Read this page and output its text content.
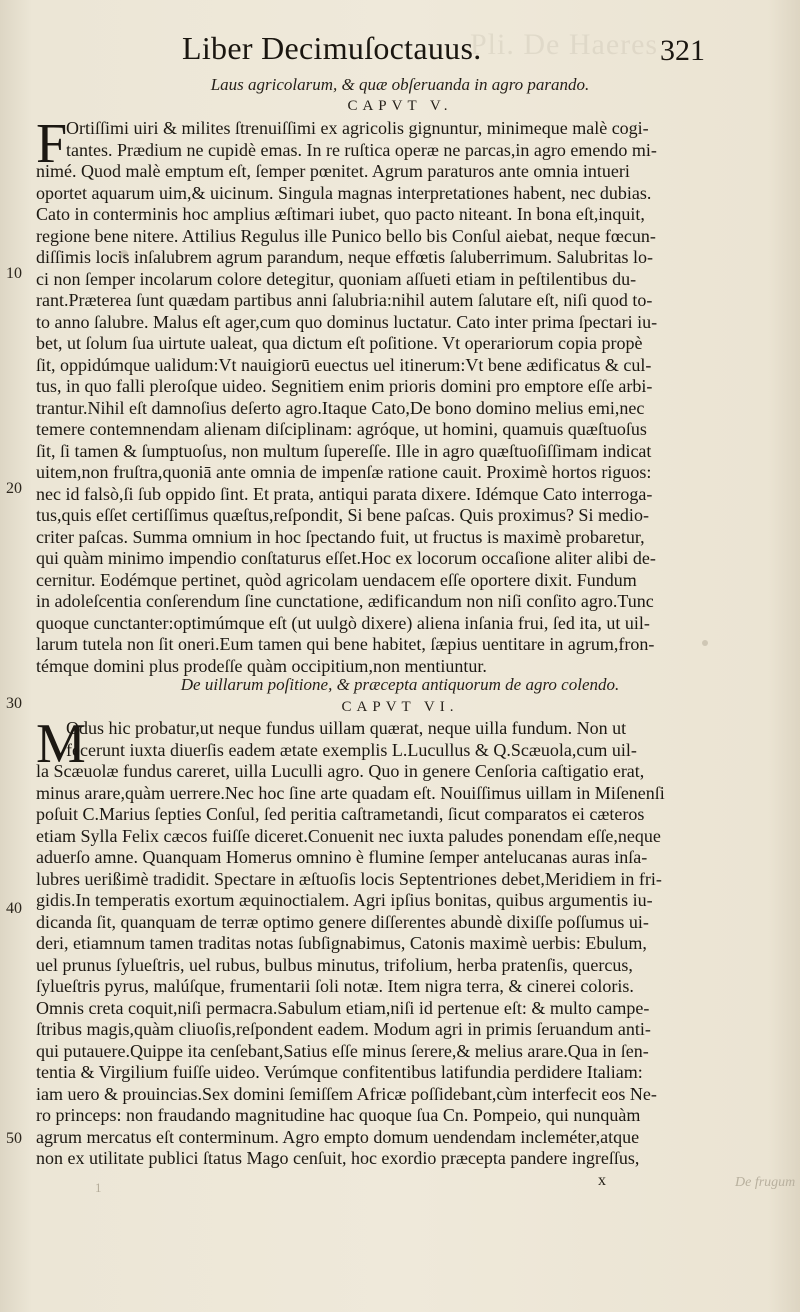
Pli. De Haeres
Liber Decimuſoctauus.	321
Laus agricolarum, & quæ obſeruanda in agro parando.
CAPVT V.
F
Ortiſſimi uiri & milites ſtrenuiſſimi ex agricolis gignuntur, minimeque malè cogi-
tantes. Prædium ne cupidè emas. In re ruſtica operæ ne parcas,in agro emendo mi-
nimé. Quod malè emptum eſt, ſemper pœnitet. Agrum paraturos ante omnia intueri
oportet aquarum uim,& uicinum. Singula magnas interpretationes habent, nec dubias.
Cato in conterminis hoc amplius æſtimari iubet, quo pacto niteant. In bona eſt,inquit,
regione bene nitere. Attilius Regulus ille Punico bello bis Conſul aiebat, neque fœcun-
diſſimis locis inſalubrem agrum parandum, neque effœtis ſaluberrimum. Salubritas lo-
ci non ſemper incolarum colore detegitur, quoniam aſſueti etiam in peſtilentibus du-
rant.Præterea ſunt quædam partibus anni ſalubria:nihil autem ſalutare eſt, niſi quod to-
to anno ſalubre. Malus eſt ager,cum quo dominus luctatur. Cato inter prima ſpectari iu-
bet, ut ſolum ſua uirtute ualeat, qua dictum eſt poſitione. Vt operariorum copia propè
ſit, oppidúmque ualidum:Vt nauigiorū euectus uel itinerum:Vt bene ædificatus & cul-
tus, in quo falli pleroſque uideo. Segnitiem enim prioris domini pro emptore eſſe arbi-
trantur.Nihil eſt damnoſius deſerto agro.Itaque Cato,De bono domino melius emi,nec
temere contemnendam alienam diſciplinam: agróque, ut homini, quamuis quæſtuoſus
ſit, ſi tamen & ſumptuoſus, non multum ſupereſſe. Ille in agro quæſtuoſiſſimam indicat
uitem,non fruſtra,quoniā ante omnia de impenſæ ratione cauit. Proximè hortos riguos:
nec id falsò,ſi ſub oppido ſint. Et prata, antiqui parata dixere. Idémque Cato interroga-
tus,quis eſſet certiſſimus quæſtus,reſpondit, Si bene paſcas. Quis proximus? Si medio-
criter paſcas. Summa omnium in hoc ſpectando fuit, ut fructus is maximè probaretur,
qui quàm minimo impendio conſtaturus eſſet.Hoc ex locorum occaſione aliter alibi de-
cernitur. Eodémque pertinet, quòd agricolam uendacem eſſe oportere dixit. Fundum
in adoleſcentia conſerendum ſine cunctatione, ædificandum non niſi conſito agro.Tunc
quoque cunctanter:optimúmque eſt (ut uulgò dixere) aliena inſania frui, ſed ita, ut uil-
larum tutela non ſit oneri.Eum tamen qui bene habitet, ſæpius uentitare in agrum,fron-
témque domini plus prodeſſe quàm occipitium,non mentiuntur.
De uillarum poſitione, & præcepta antiquorum de agro colendo.
CAPVT VI.
M
Odus hic probatur,ut neque fundus uillam quærat, neque uilla fundum. Non ut
fecerunt iuxta diuerſis eadem ætate exemplis L.Lucullus & Q.Scæuola,cum uil-
la Scæuolæ fundus careret, uilla Luculli agro. Quo in genere Cenſoria caſtigatio erat,
minus arare,quàm uerrere.Nec hoc ſine arte quadam eſt. Nouiſſimus uillam in Miſenenſi
poſuit C.Marius ſepties Conſul, ſed peritia caſtrametandi, ſicut comparatos ei cæteros
etiam Sylla Felix cæcos fuiſſe diceret.Conuenit nec iuxta paludes ponendam eſſe,neque
aduerſo amne. Quanquam Homerus omnino è flumine ſemper antelucanas auras inſa-
lubres uerißimè tradidit. Spectare in æſtuoſis locis Septentriones debet,Meridiem in fri-
gidis.In temperatis exortum æquinoctialem. Agri ipſius bonitas, quibus argumentis iu-
dicanda ſit, quanquam de terræ optimo genere diſſerentes abundè dixiſſe poſſumus ui-
deri, etiamnum tamen traditas notas ſubſignabimus, Catonis maximè uerbis: Ebulum,
uel prunus ſylueſtris, uel rubus, bulbus minutus, trifolium, herba pratenſis, quercus,
ſylueſtris pyrus, malúſque, frumentarii ſoli notæ. Item nigra terra, & cinerei coloris.
Omnis creta coquit,niſi permacra.Sabulum etiam,niſi id pertenue eſt: & multo campe-
ſtribus magis,quàm cliuoſis,reſpondent eadem. Modum agri in primis ſeruandum anti-
qui putauere.Quippe ita cenſebant,Satius eſſe minus ſerere,& melius arare.Qua in ſen-
tentia & Virgilium fuiſſe uideo. Verúmque confitentibus latifundia perdidere Italiam:
iam uero & prouincias.Sex domini ſemiſſem Africæ poſſidebant,cùm interfecit eos Ne-
ro princeps: non fraudando magnitudine hac quoque ſua Cn. Pompeio, qui nunquàm
agrum mercatus eſt conterminum. Agro empto domum uendendam incleméter,atque
non ex utilitate publici ſtatus Mago cenſuit, hoc exordio præcepta pandere ingreſſus,
10
20
30
40
50
x
1	De frugum
